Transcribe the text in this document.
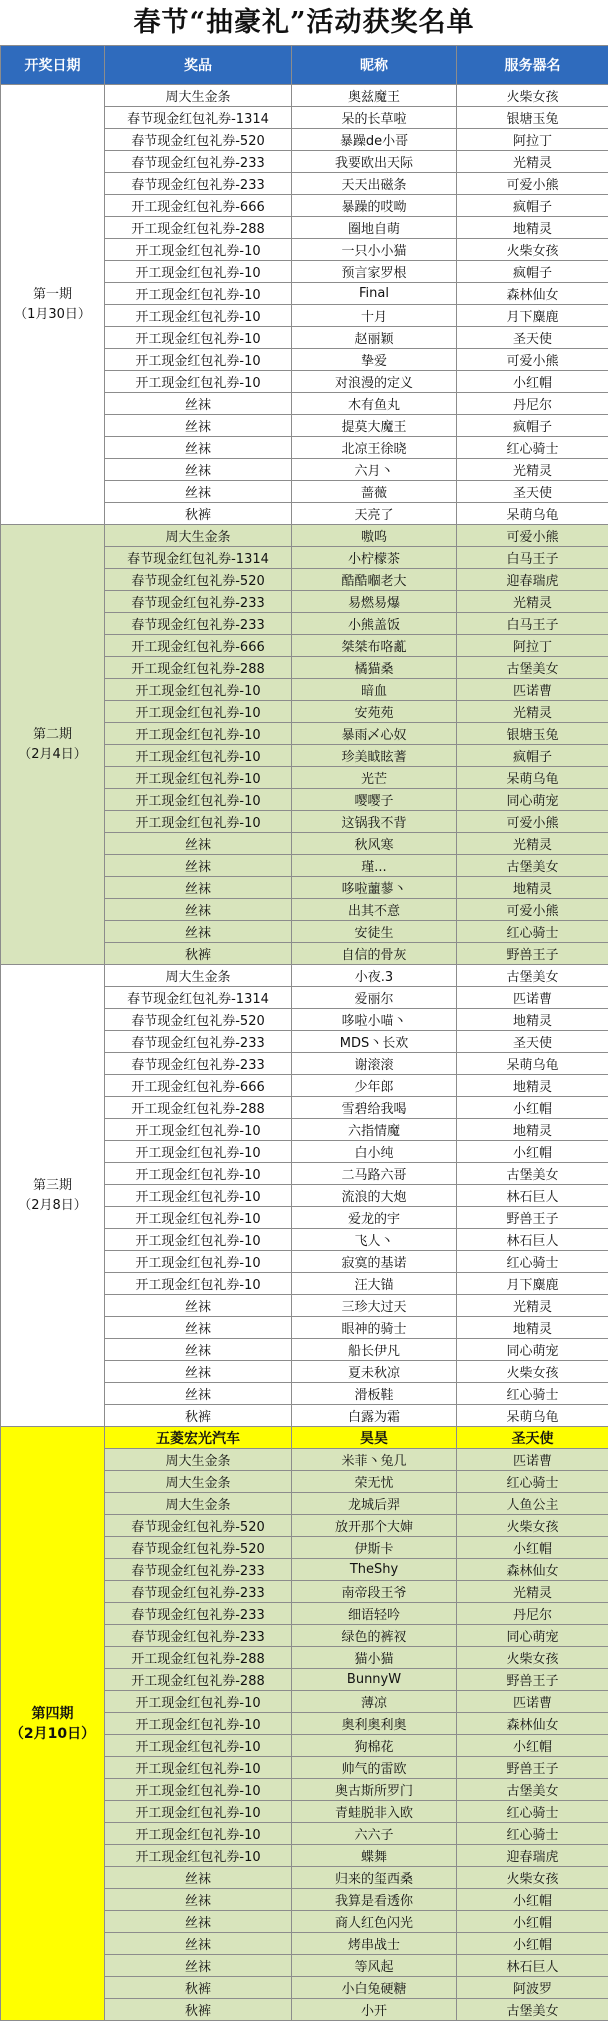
春节“抽豪礼”活动获奖名单
开奖日期	奖品	昵称	服务器名

第一期
（1月30日）	周大生金条	奥兹魔王	火柴女孩
	春节现金红包礼券-1314	呆的长草啦	银塘玉兔
	春节现金红包礼券-520	暴躁de小哥	阿拉丁
	春节现金红包礼券-233	我要欧出天际	光精灵
	春节现金红包礼券-233	天天出磁条	可爱小熊
	开工现金红包礼券-666	暴躁的哎呦	疯帽子
	开工现金红包礼券-288	圈地自萌	地精灵
	开工现金红包礼券-10	一只小小猫	火柴女孩
	开工现金红包礼券-10	预言家罗根	疯帽子
	开工现金红包礼券-10	Final	森林仙女
	开工现金红包礼券-10	十月	月下麋鹿
	开工现金红包礼券-10	赵丽颖	圣天使
	开工现金红包礼券-10	挚爱	可爱小熊
	开工现金红包礼券-10	对浪漫的定义	小红帽
	丝袜	木有鱼丸	丹尼尔
	丝袜	提莫大魔王	疯帽子
	丝袜	北凉王徐晓	红心骑士
	丝袜	六月丶	光精灵
	丝袜	蔷薇	圣天使
	秋裤	天亮了	呆萌乌龟

第二期
（2月4日）	周大生金条	嗷呜	可爱小熊
	春节现金红包礼券-1314	小柠檬茶	白马王子
	春节现金红包礼券-520	酷酷嗰老大	迎春瑞虎
	春节现金红包礼券-233	易燃易爆	光精灵
	春节现金红包礼券-233	小熊盖饭	白马王子
	开工现金红包礼券-666	桀桀布咯薍	阿拉丁
	开工现金红包礼券-288	橘猫桑	古堡美女
	开工现金红包礼券-10	暗血	匹诺曹
	开工现金红包礼券-10	安苑苑	光精灵
	开工现金红包礼券-10	暴雨乄心奴	银塘玉兔
	开工现金红包礼券-10	珍美眓眩蓍	疯帽子
	开工现金红包礼券-10	光芒	呆萌乌龟
	开工现金红包礼券-10	嘤嘤子	同心萌宠
	开工现金红包礼券-10	这锅我不背	可爱小熊
	丝袜	秋风寒	光精灵
	丝袜	瑾...	古堡美女
	丝袜	哆啦蘁蓼丶	地精灵
	丝袜	出其不意	可爱小熊
	丝袜	安徒生	红心骑士
	秋裤	自信的骨灰	野兽王子

第三期
（2月8日）	周大生金条	小夜.3	古堡美女
	春节现金红包礼券-1314	爱丽尔	匹诺曹
	春节现金红包礼券-520	哆啦小喵丶	地精灵
	春节现金红包礼券-233	MDS丶长欢	圣天使
	春节现金红包礼券-233	谢滚滚	呆萌乌龟
	开工现金红包礼券-666	少年郎	地精灵
	开工现金红包礼券-288	雪碧给我喝	小红帽
	开工现金红包礼券-10	六指情魔	地精灵
	开工现金红包礼券-10	白小纯	小红帽
	开工现金红包礼券-10	二马路六哥	古堡美女
	开工现金红包礼券-10	流浪的大炮	林石巨人
	开工现金红包礼券-10	爱龙的宇	野兽王子
	开工现金红包礼券-10	飞人丶	林石巨人
	开工现金红包礼券-10	寂寞的基诺	红心骑士
	开工现金红包礼券-10	汪大锚	月下麋鹿
	丝袜	三珍大过天	光精灵
	丝袜	眼神的骑士	地精灵
	丝袜	船长伊凡	同心萌宠
	丝袜	夏未秋凉	火柴女孩
	丝袜	滑板鞋	红心骑士
	秋裤	白露为霜	呆萌乌龟

第四期
（2月10日）	五菱宏光汽车	昊昊	圣天使
	周大生金条	米菲丶兔几	匹诺曹
	周大生金条	荣无忧	红心骑士
	周大生金条	龙城后羿	人鱼公主
	春节现金红包礼券-520	放开那个大婶	火柴女孩
	春节现金红包礼券-520	伊斯卡	小红帽
	春节现金红包礼券-233	TheShy	森林仙女
	春节现金红包礼券-233	南帝段王爷	光精灵
	春节现金红包礼券-233	细语轻吟	丹尼尔
	春节现金红包礼券-233	绿色的裤衩	同心萌宠
	开工现金红包礼券-288	猫小猫	火柴女孩
	开工现金红包礼券-288	BunnyW	野兽王子
	开工现金红包礼券-10	薄凉	匹诺曹
	开工现金红包礼券-10	奥利奥利奥	森林仙女
	开工现金红包礼券-10	狗棉花	小红帽
	开工现金红包礼券-10	帅气的雷欧	野兽王子
	开工现金红包礼券-10	奥古斯所罗门	古堡美女
	开工现金红包礼券-10	青蛙脱非入欧	红心骑士
	开工现金红包礼券-10	六六子	红心骑士
	开工现金红包礼券-10	蝶舞	迎春瑞虎
	丝袜	归来的玺西桑	火柴女孩
	丝袜	我算是看透你	小红帽
	丝袜	商人红色闪光	小红帽
	丝袜	烤串战士	小红帽
	丝袜	等风起	林石巨人
	秋裤	小白兔硬糖	阿波罗
	秋裤	小开	古堡美女
